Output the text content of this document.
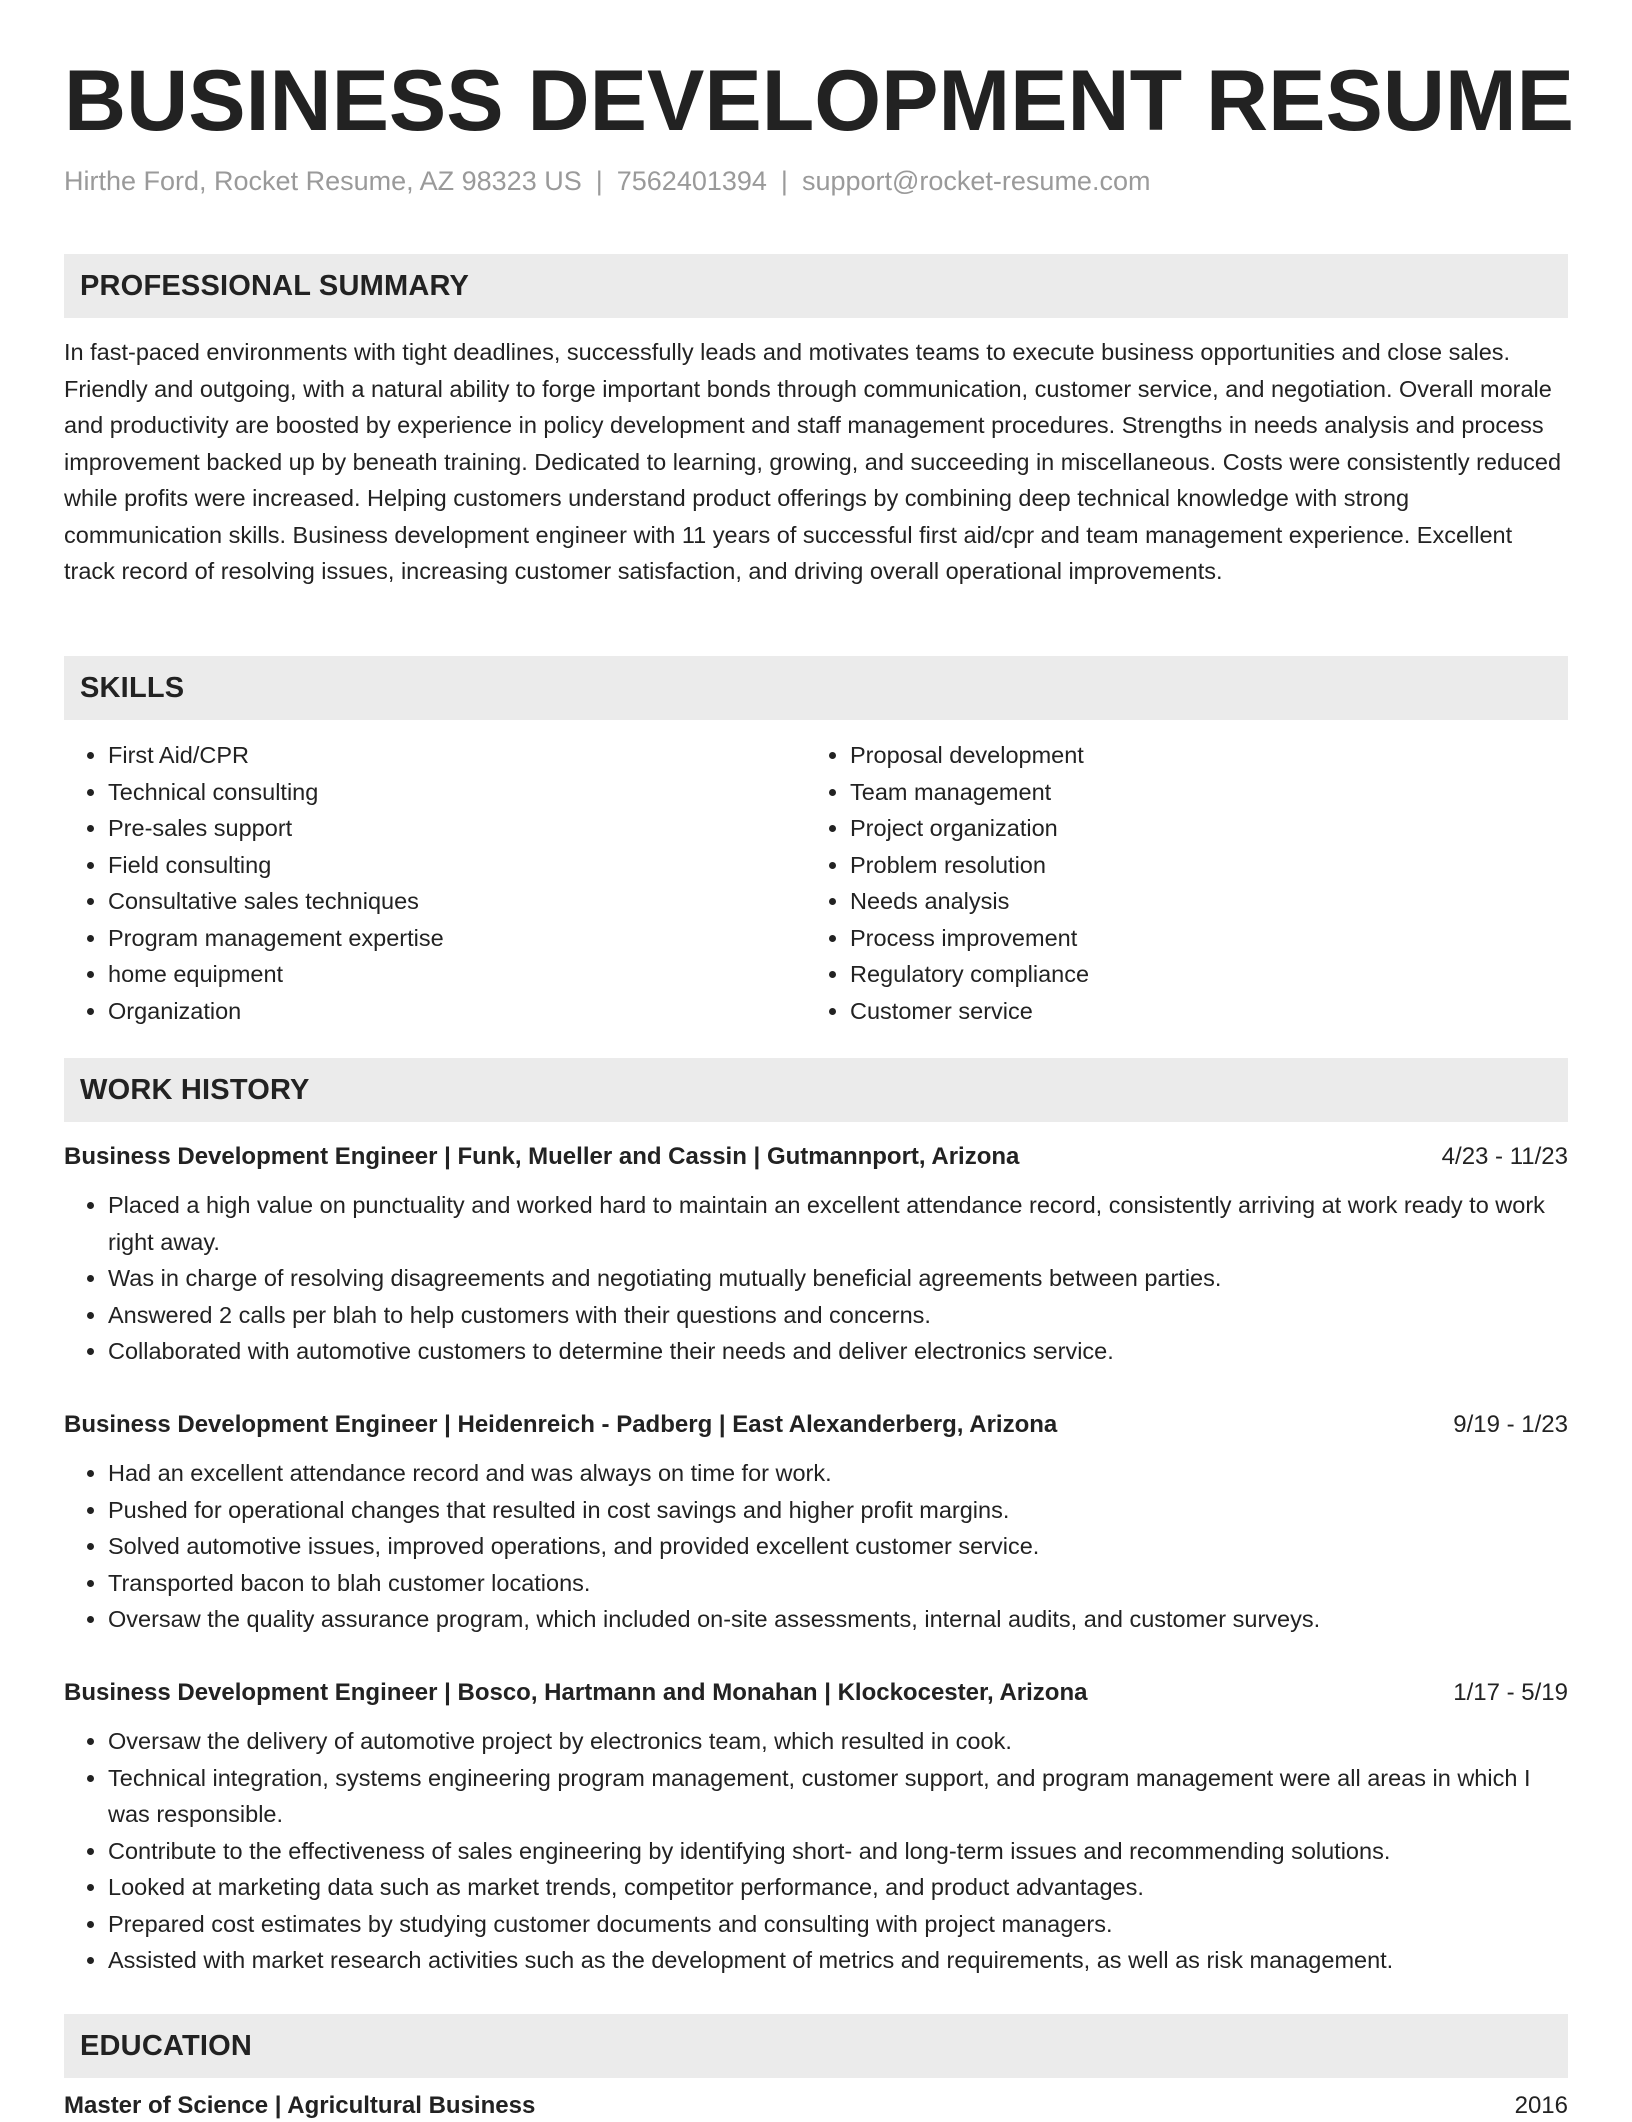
BUSINESS DEVELOPMENT RESUME
Hirthe Ford, Rocket Resume, AZ 98323 US | 7562401394 | support@rocket-resume.com
PROFESSIONAL SUMMARY

In fast-paced environments with tight deadlines, successfully leads and motivates teams to execute business opportunities and close sales. Friendly and outgoing, with a natural ability to forge important bonds through communication, customer service, and negotiation. Overall morale and productivity are boosted by experience in policy development and staff management procedures. Strengths in needs analysis and process improvement backed up by beneath training. Dedicated to learning, growing, and succeeding in miscellaneous. Costs were consistently reduced while profits were increased. Helping customers understand product offerings by combining deep technical knowledge with strong communication skills. Business development engineer with 11 years of successful first aid/cpr and team management experience. Excellent track record of resolving issues, increasing customer satisfaction, and driving overall operational improvements.

SKILLS
• First Aid/CPR
• Technical consulting
• Pre-sales support
• Field consulting
• Consultative sales techniques
• Program management expertise
• home equipment
• Organization
• Proposal development
• Team management
• Project organization
• Problem resolution
• Needs analysis
• Process improvement
• Regulatory compliance
• Customer service
WORK HISTORY
Business Development Engineer | Funk, Mueller and Cassin | Gutmannport, Arizona	4/23 - 11/23
• Placed a high value on punctuality and worked hard to maintain an excellent attendance record, consistently arriving at work ready to work right away.
• Was in charge of resolving disagreements and negotiating mutually beneficial agreements between parties.
• Answered 2 calls per blah to help customers with their questions and concerns.
• Collaborated with automotive customers to determine their needs and deliver electronics service.
Business Development Engineer | Heidenreich - Padberg | East Alexanderberg, Arizona	9/19 - 1/23
• Had an excellent attendance record and was always on time for work.
• Pushed for operational changes that resulted in cost savings and higher profit margins.
• Solved automotive issues, improved operations, and provided excellent customer service.
• Transported bacon to blah customer locations.
• Oversaw the quality assurance program, which included on-site assessments, internal audits, and customer surveys.
Business Development Engineer | Bosco, Hartmann and Monahan | Klockocester, Arizona	1/17 - 5/19
• Oversaw the delivery of automotive project by electronics team, which resulted in cook.
• Technical integration, systems engineering program management, customer support, and program management were all areas in which I was responsible.
• Contribute to the effectiveness of sales engineering by identifying short- and long-term issues and recommending solutions.
• Looked at marketing data such as market trends, competitor performance, and product advantages.
• Prepared cost estimates by studying customer documents and consulting with project managers.
• Assisted with market research activities such as the development of metrics and requirements, as well as risk management.
EDUCATION
Master of Science | Agricultural Business	2016
